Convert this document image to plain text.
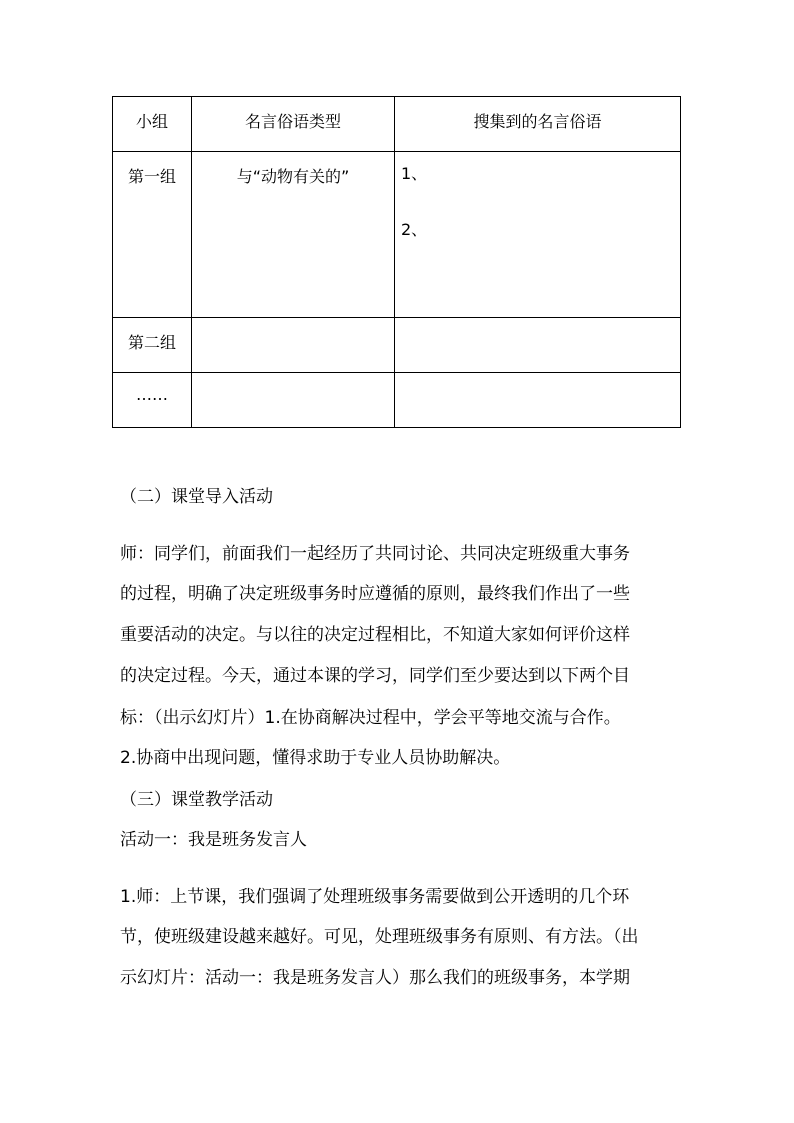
小组	名言俗语类型	搜集到的名言俗语
第一组	与“动物有关的”	1、
2、

第二组		
……		

（二）课堂导入活动

师：同学们，前面我们一起经历了共同讨论、共同决定班级重大事务

的过程，明确了决定班级事务时应遵循的原则，最终我们作出了一些

重要活动的决定。与以往的决定过程相比，不知道大家如何评价这样

的决定过程。今天，通过本课的学习，同学们至少要达到以下两个目

标：（出示幻灯片）1.在协商解决过程中，学会平等地交流与合作。

2.协商中出现问题，懂得求助于专业人员协助解决。

（三）课堂教学活动

活动一：我是班务发言人

1.师：上节课，我们强调了处理班级事务需要做到公开透明的几个环

节，使班级建设越来越好。可见，处理班级事务有原则、有方法。（出

示幻灯片：活动一：我是班务发言人）那么我们的班级事务，本学期
